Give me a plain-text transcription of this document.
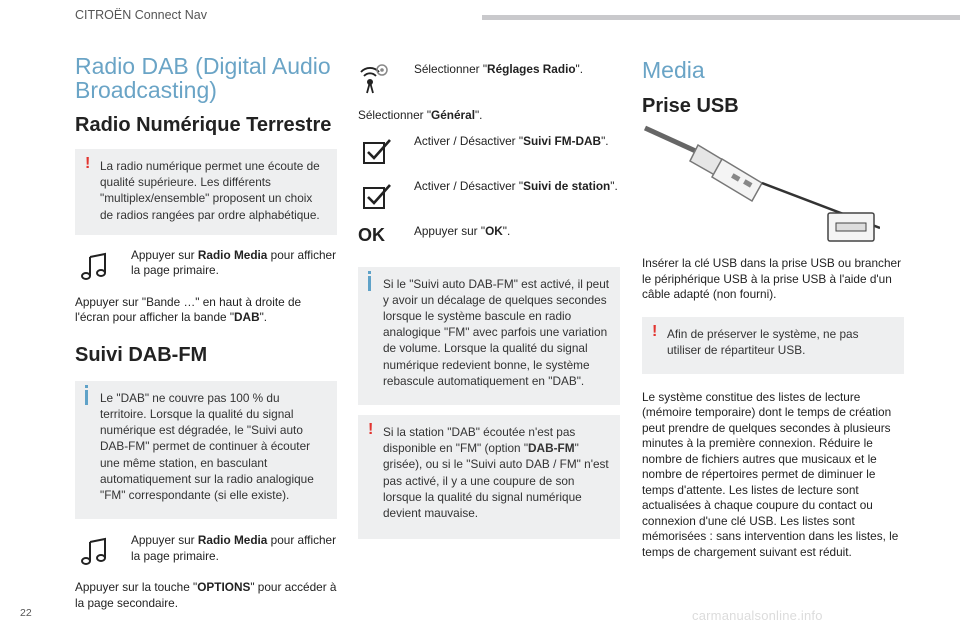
CITROËN Connect Nav
Radio DAB (Digital Audio
Broadcasting)
Radio Numérique Terrestre
! La radio numérique permet une écoute de qualité supérieure. Les différents "multiplex/ensemble" proposent un choix de radios rangées par ordre alphabétique.
Appuyer sur Radio Media pour afficher la page primaire.
Appuyer sur "Bande …" en haut à droite de l'écran pour afficher la bande "DAB".
Suivi DAB-FM
Le "DAB" ne couvre pas 100 % du territoire. Lorsque la qualité du signal numérique est dégradée, le "Suivi auto DAB-FM" permet de continuer à écouter une même station, en basculant automatiquement sur la radio analogique "FM" correspondante (si elle existe).
Appuyer sur Radio Media pour afficher la page primaire.
Appuyer sur la touche "OPTIONS" pour accéder à la page secondaire.
Sélectionner "Réglages Radio".
Sélectionner "Général".
Activer / Désactiver "Suivi FM-DAB".
Activer / Désactiver "Suivi de station".
OK	Appuyer sur "OK".
Si le "Suivi auto DAB-FM" est activé, il peut y avoir un décalage de quelques secondes lorsque le système bascule en radio analogique "FM" avec parfois une variation de volume. Lorsque la qualité du signal numérique redevient bonne, le système rebascule automatiquement en "DAB".
! Si la station "DAB" écoutée n'est pas disponible en "FM" (option "DAB-FM" grisée), ou si le "Suivi auto DAB / FM" n'est pas activé, il y a une coupure de son lorsque la qualité du signal numérique devient mauvaise.
Media
Prise USB
Insérer la clé USB dans la prise USB ou brancher le périphérique USB à la prise USB à l'aide d'un câble adapté (non fourni).
! Afin de préserver le système, ne pas utiliser de répartiteur USB.
Le système constitue des listes de lecture (mémoire temporaire) dont le temps de création peut prendre de quelques secondes à plusieurs minutes à la première connexion. Réduire le nombre de fichiers autres que musicaux et le nombre de répertoires permet de diminuer le temps d'attente. Les listes de lecture sont actualisées à chaque coupure du contact ou connexion d'une clé USB. Les listes sont mémorisées : sans intervention dans les listes, le temps de chargement suivant est réduit.
22	carmanualsonline.info
